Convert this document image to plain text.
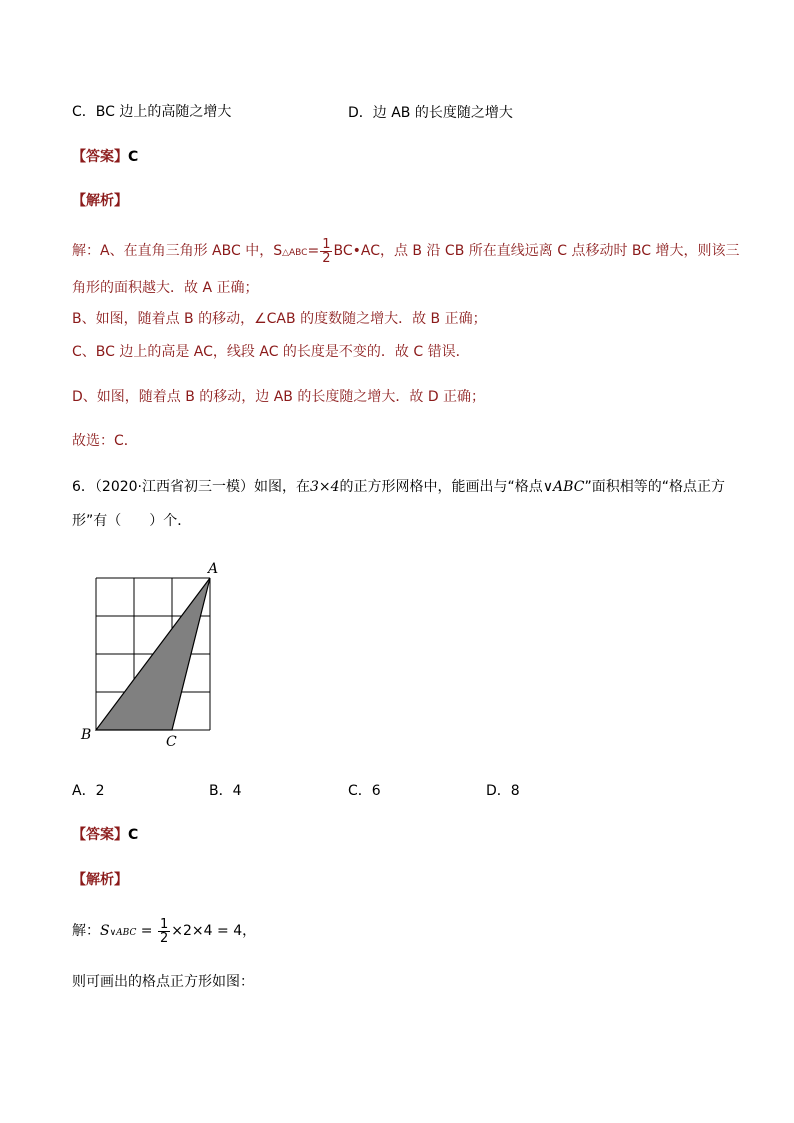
C．BC 边上的高随之增大	D．边 AB 的长度随之增大
【答案】C
【解析】
解：A、在直角三角形 ABC 中，S△ABC= $\frac{1}{2}$ BC•AC，点 B 沿 CB 所在直线远离 C 点移动时 BC 增大，则该三
角形的面积越大．故 A 正确；
B、如图，随着点 B 的移动，∠CAB 的度数随之增大．故 B 正确；
C、BC 边上的高是 AC，线段 AC 的长度是不变的．故 C 错误．
D、如图，随着点 B 的移动，边 AB 的长度随之增大．故 D 正确；
故选：C．
6．（2020·江西省初三一模）如图，在3×4的正方形网格中，能画出与“格点∨ABC”面积相等的“格点正方
形”有（　　）个．
A
B	C
A．2	B．4	C．6	D．8
【答案】C
【解析】
解：S∨ABC = $\frac{1}{2} \times 2\times 4 = 4$，
则可画出的格点正方形如图：
